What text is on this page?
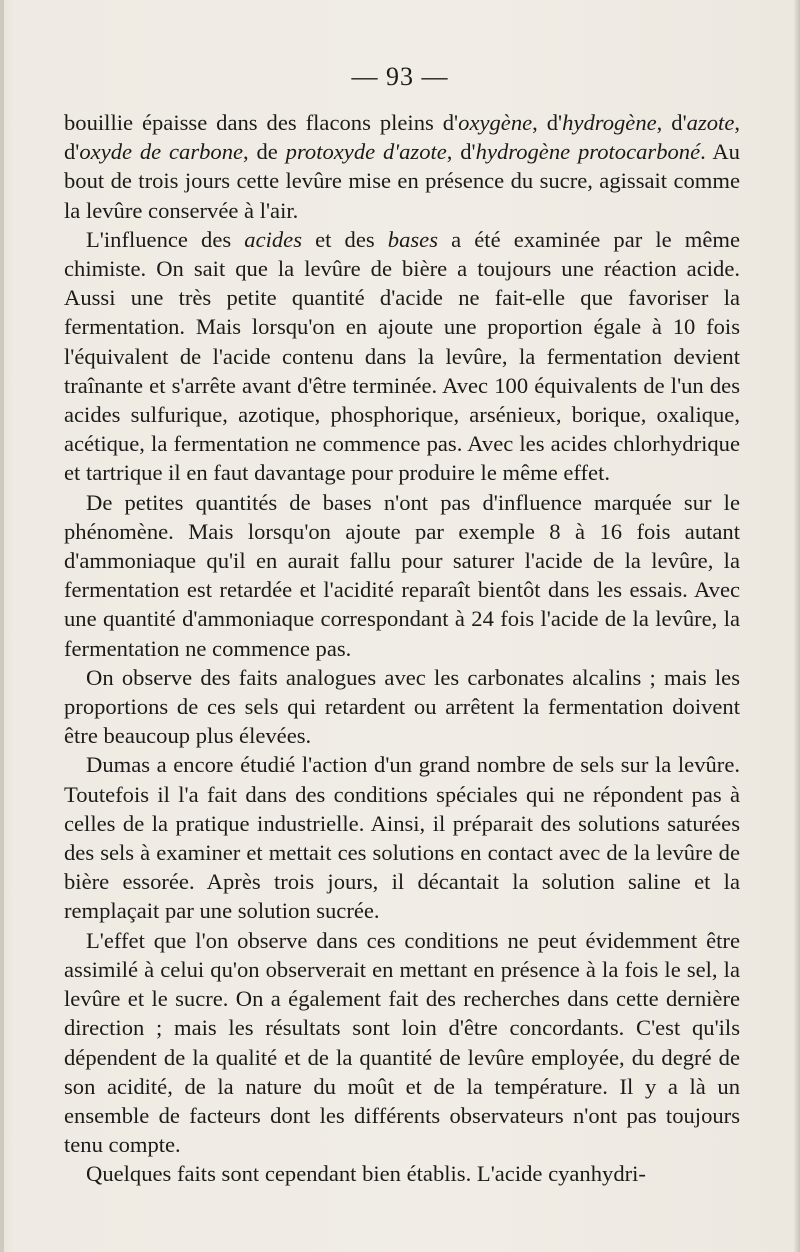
— 93 —

bouillie épaisse dans des flacons pleins d'oxygène, d'hydrogène, d'azote, d'oxyde de carbone, de protoxyde d'azote, d'hydrogène protocarboné. Au bout de trois jours cette levûre mise en présence du sucre, agissait comme la levûre conservée à l'air.

L'influence des acides et des bases a été examinée par le même chimiste. On sait que la levûre de bière a toujours une réaction acide. Aussi une très petite quantité d'acide ne fait-elle que favoriser la fermentation. Mais lorsqu'on en ajoute une proportion égale à 10 fois l'équivalent de l'acide contenu dans la levûre, la fermentation devient traînante et s'arrête avant d'être terminée. Avec 100 équivalents de l'un des acides sulfurique, azotique, phosphorique, arsénieux, borique, oxalique, acétique, la fermentation ne commence pas. Avec les acides chlorhydrique et tartrique il en faut davantage pour produire le même effet.

De petites quantités de bases n'ont pas d'influence marquée sur le phénomène. Mais lorsqu'on ajoute par exemple 8 à 16 fois autant d'ammoniaque qu'il en aurait fallu pour saturer l'acide de la levûre, la fermentation est retardée et l'acidité reparaît bientôt dans les essais. Avec une quantité d'ammoniaque correspondant à 24 fois l'acide de la levûre, la fermentation ne commence pas.

On observe des faits analogues avec les carbonates alcalins ; mais les proportions de ces sels qui retardent ou arrêtent la fermentation doivent être beaucoup plus élevées.

Dumas a encore étudié l'action d'un grand nombre de sels sur la levûre. Toutefois il l'a fait dans des conditions spéciales qui ne répondent pas à celles de la pratique industrielle. Ainsi, il préparait des solutions saturées des sels à examiner et mettait ces solutions en contact avec de la levûre de bière essorée. Après trois jours, il décantait la solution saline et la remplaçait par une solution sucrée.

L'effet que l'on observe dans ces conditions ne peut évidemment être assimilé à celui qu'on observerait en mettant en présence à la fois le sel, la levûre et le sucre. On a également fait des recherches dans cette dernière direction ; mais les résultats sont loin d'être concordants. C'est qu'ils dépendent de la qualité et de la quantité de levûre employée, du degré de son acidité, de la nature du moût et de la température. Il y a là un ensemble de facteurs dont les différents observateurs n'ont pas toujours tenu compte.

Quelques faits sont cependant bien établis. L'acide cyanhydri-
